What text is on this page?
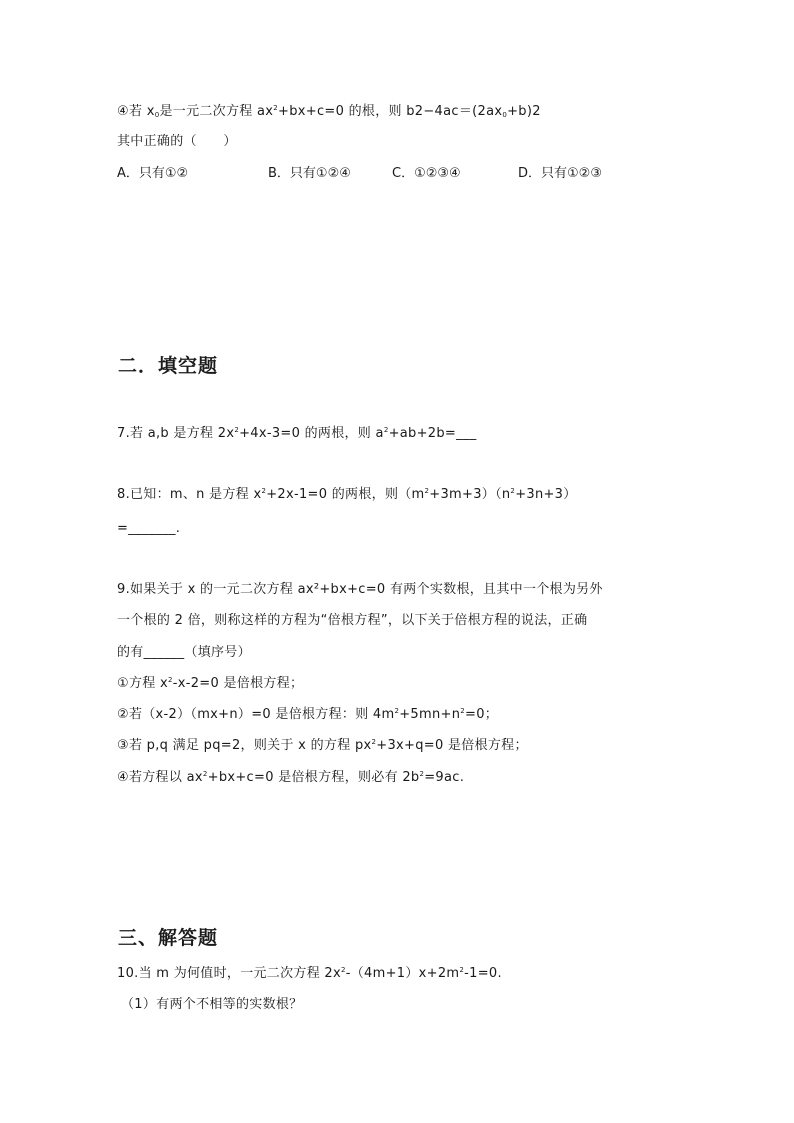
④若 $x_0$是一元二次方程 $ax^2+bx+c=0$ 的根，则 $b2-4ac=(2ax_0+b)2$
其中正确的（　　）
A．只有①②	B．只有①②④	C．①②③④	D．只有①②③
二．填空题
7.若 a,b 是方程 $2x^2+4x-3=0$ 的两根，则 $a^2+ab+2b=\_\_\_$
8.已知：m、n 是方程 $x^2+2x-1=0$ 的两根，则$(m^2+3m+3)(n^2+3n+3)$
=_______.
9.如果关于 x 的一元二次方程 ax²+bx+c=0 有两个实数根，且其中一个根为另外
一个根的 2 倍，则称这样的方程为“倍根方程”，以下关于倍根方程的说法，正确
的有______（填序号）
①方程 $x^2-x-2=0$ 是倍根方程；
②若（x-2）（mx+n）=0 是倍根方程：则 $4m^2+5mn+n^2=0$；
③若 p,q 满足 pq=2，则关于 x 的方程 $px^2+3x+q=0$ 是倍根方程；
④若方程以 $ax^2+bx+c=0$ 是倍根方程，则必有 $2b^2=9ac$.
三、解答题
10.当 m 为何值时，一元二次方程 $2x^2-(4m+1)x+2m^2-1=0$.
（1）有两个不相等的实数根？
